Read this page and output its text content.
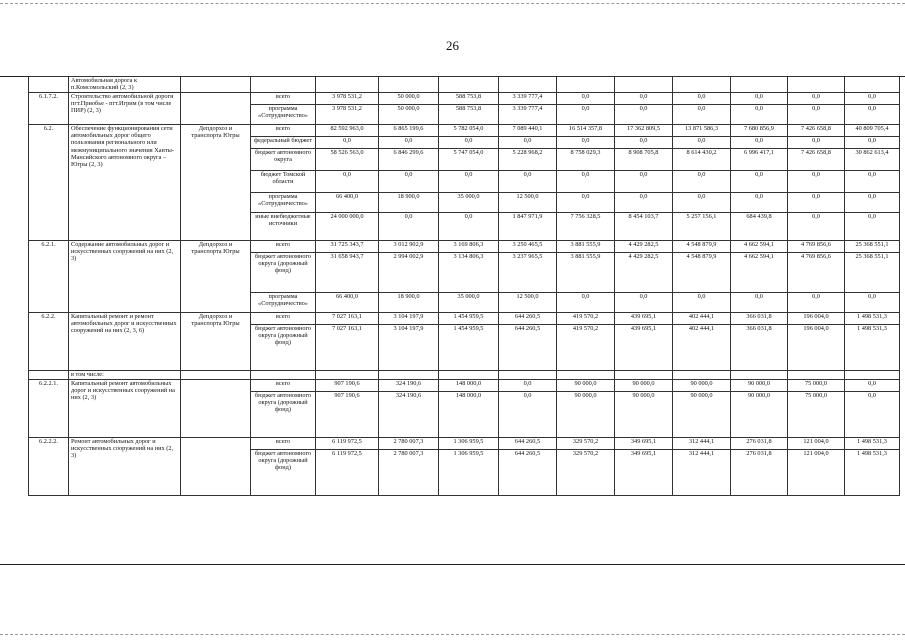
26
	Автомобильная дорога к п.Комсомольский (2, 3)												
6.1.7.2.	Строительство автомобильной дороги пгт.Приобье - пгт.Игрим (в том числе ПИР) (2, 3)		всего	3 978 531,2	50 000,0	588 753,8	3 339 777,4	0,0	0,0	0,0	0,0	0,0	0,0
			программа «Сотрудничество»	3 978 531,2	50 000,0	588 753,8	3 339 777,4	0,0	0,0	0,0	0,0	0,0	0,0
6.2.	Обеспечение функционирования сети автомобильных дорог общего пользования регионального или межмуниципального значения Ханты-Мансийского автономного округа – Югры (2, 3)	Депдорхоз и транспорта Югры	всего	82 592 963,0	6 865 199,6	5 782 054,0	7 089 440,1	16 514 357,8	17 362 809,5	13 871 586,3	7 680 856,9	7 426 658,8	40 809 705,4
			федеральный бюджет	0,0	0,0	0,0	0,0	0,0	0,0	0,0	0,0	0,0	0,0
			бюджет автономного округа	58 526 563,0	6 846 299,6	5 747 054,0	5 228 968,2	8 758 029,3	8 908 705,8	8 614 430,2	6 996 417,1	7 426 658,8	30 862 613,4
			бюджет Томской области	0,0	0,0	0,0	0,0	0,0	0,0	0,0	0,0	0,0	0,0
			программа «Сотрудничество»	66 400,0	18 900,0	35 000,0	12 500,0	0,0	0,0	0,0	0,0	0,0	0,0
			иные внебюджетные источники	24 000 000,0	0,0	0,0	1 847 971,9	7 756 328,5	8 454 103,7	5 257 156,1	684 439,8	0,0	0,0
6.2.1.	Содержание автомобильных дорог и искусственных сооружений на них (2, 3)	Депдорхоз и транспорта Югры	всего	31 725 343,7	3 012 902,9	3 169 806,3	3 250 465,5	3 881 555,9	4 429 282,5	4 548 879,9	4 662 594,1	4 769 856,6	25 368 551,1
			бюджет автономного округа (дорожный фонд)	31 658 943,7	2 994 002,9	3 134 806,3	3 237 965,5	3 881 555,9	4 429 282,5	4 548 879,9	4 662 594,1	4 769 856,6	25 368 551,1
			программа «Сотрудничество»	66 400,0	18 900,0	35 000,0	12 500,0	0,0	0,0	0,0	0,0	0,0	0,0
6.2.2.	Капитальный ремонт и ремонт автомобильных дорог и искусственных сооружений на них (2, 3, 6)	Депдорхоз и транспорта Югры	всего	7 027 163,1	3 104 197,9	1 454 959,5	644 260,5	419 570,2	439 695,1	402 444,1	366 031,8	196 004,0	1 498 531,3
			бюджет автономного округа (дорожный фонд)	7 027 163,1	3 104 197,9	1 454 959,5	644 260,5	419 570,2	439 695,1	402 444,1	366 031,8	196 004,0	1 498 531,3
	в том числе:												
6.2.2.1.	Капитальный ремонт автомобильных дорог и искусственных сооружений на них (2, 3)		всего	907 190,6	324 190,6	148 000,0	0,0	90 000,0	90 000,0	90 000,0	90 000,0	75 000,0	0,0
			бюджет автономного округа (дорожный фонд)	907 190,6	324 190,6	148 000,0	0,0	90 000,0	90 000,0	90 000,0	90 000,0	75 000,0	0,0
6.2.2.2.	Ремонт автомобильных дорог и искусственных сооружений на них (2, 3)		всего	6 119 972,5	2 780 007,3	1 306 959,5	644 260,5	329 570,2	349 695,1	312 444,1	276 031,8	121 004,0	1 498 531,3
			бюджет автономного округа (дорожный фонд)	6 119 972,5	2 780 007,3	1 306 959,5	644 260,5	329 570,2	349 695,1	312 444,1	276 031,8	121 004,0	1 498 531,3
